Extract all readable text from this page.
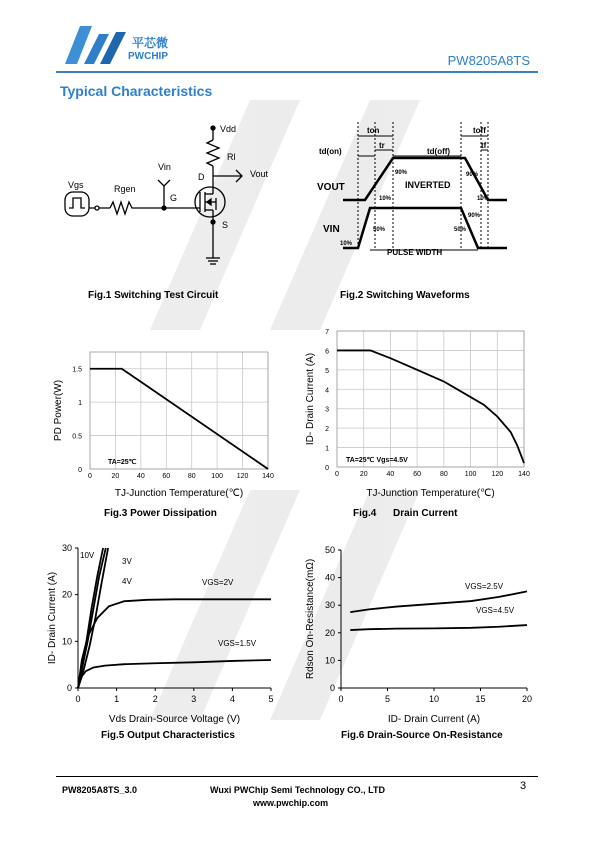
平芯微
PWCHIP	PW8205A8TS
Typical Characteristics
Vdd
Rl
Vin
Vout
Vgs	Rgen
G
D
S
ton
td(on)
tr
td(off)
toff
tf
VOUT
VIN
INVERTED
PULSE WIDTH
90%
10%
90%
10%
90%
10%
50%	50%
Fig.1 Switching Test Circuit	Fig.2 Switching Waveforms
0	20	40	60	80 100 120 140
0
0.5
1
1.5
TA=25℃
TJ-Junction Temperature(℃)
PD Power(W)
0	20	40	60	80 100 120 140
0
1
2
3
4
5
6
7
TA=25℃ Vgs=4.5V
TJ-Junction Temperature(℃)
ID- Drain Current (A)
0	1	2	3	4	5
0
10
20
30
10V
3V
4V	VGS=2V
VGS=1.5V
Vds Drain-Source Voltage (V)
ID- Drain Current (A)
0	5	10	15	20
0
10
20
30
40
50
VGS=2.5V
VGS=4.5V
ID- Drain Current (A)
Rdson On-Resistance(mΩ)
Fig.3 Power Dissipation	Fig.4      Drain Current
Fig.5 Output Characteristics	Fig.6 Drain-Source On-Resistance
PW8205A8TS_3.0	Wuxi PWChip Semi Technology CO., LTD
www.pwchip.com
3
